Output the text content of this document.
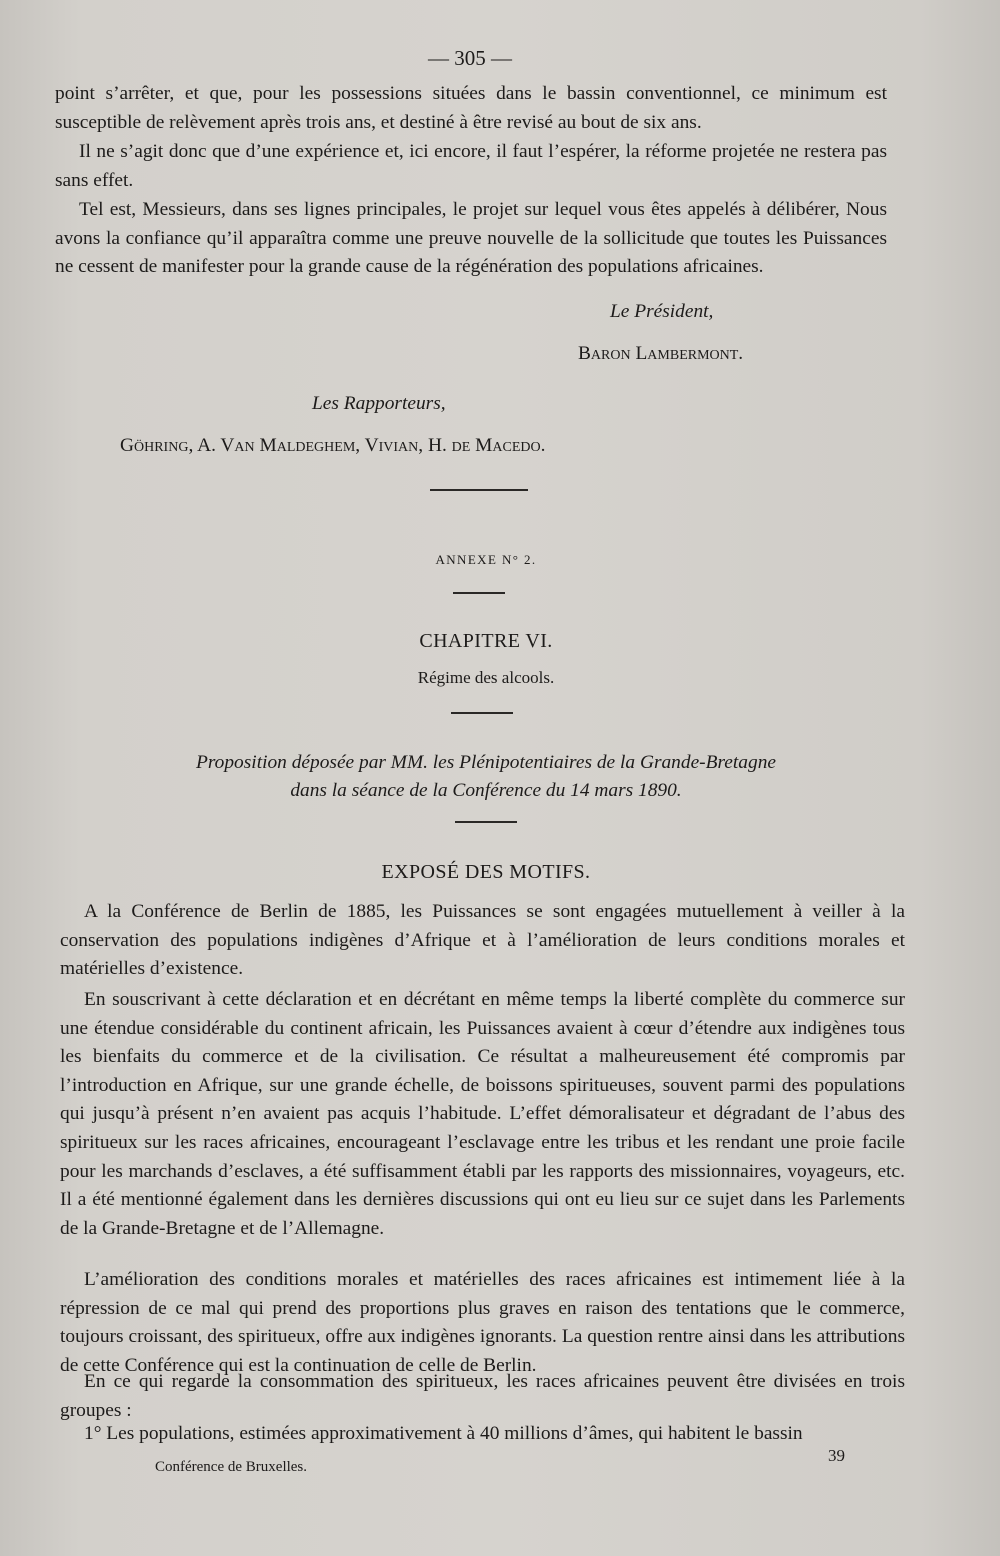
— 305 —

point s’arrêter, et que, pour les possessions situées dans le bassin conventionnel, ce minimum est susceptible de relèvement après trois ans, et destiné à être revisé au bout de six ans.

Il ne s’agit donc que d’une expérience et, ici encore, il faut l’espérer, la réforme projetée ne restera pas sans effet.

Tel est, Messieurs, dans ses lignes principales, le projet sur lequel vous êtes appelés à délibérer, Nous avons la confiance qu’il apparaîtra comme une preuve nouvelle de la sollicitude que toutes les Puissances ne cessent de manifester pour la grande cause de la régénération des populations africaines.

Le Président,
Baron Lambermont.
Les Rapporteurs,
Göhring, A. Van Maldeghem, Vivian, H. de Macedo.
ANNEXE N° 2.
CHAPITRE VI.
Régime des alcools.
Proposition déposée par MM. les Plénipotentiaires de la Grande-Bretagne
dans la séance de la Conférence du 14 mars 1890.
EXPOSÉ DES MOTIFS.

A la Conférence de Berlin de 1885, les Puissances se sont engagées mutuellement à veiller à la conservation des populations indigènes d’Afrique et à l’amélioration de leurs conditions morales et matérielles d’existence.

En souscrivant à cette déclaration et en décrétant en même temps la liberté complète du commerce sur une étendue considérable du continent africain, les Puissances avaient à cœur d’étendre aux indigènes tous les bienfaits du commerce et de la civilisation. Ce résultat a malheureusement été compromis par l’introduction en Afrique, sur une grande échelle, de boissons spiritueuses, souvent parmi des populations qui jusqu’à présent n’en avaient pas acquis l’habitude. L’effet démoralisateur et dégradant de l’abus des spiritueux sur les races africaines, encourageant l’esclavage entre les tribus et les rendant une proie facile pour les marchands d’esclaves, a été suffisamment établi par les rapports des missionnaires, voyageurs, etc. Il a été mentionné également dans les dernières discussions qui ont eu lieu sur ce sujet dans les Parlements de la Grande-Bretagne et de l’Allemagne.

L’amélioration des conditions morales et matérielles des races africaines est intimement liée à la répression de ce mal qui prend des proportions plus graves en raison des tentations que le commerce, toujours croissant, des spiritueux, offre aux indigènes ignorants. La question rentre ainsi dans les attributions de cette Conférence qui est la continuation de celle de Berlin.

En ce qui regarde la consommation des spiritueux, les races africaines peuvent être divisées en trois groupes :

1° Les populations, estimées approximativement à 40 millions d’âmes, qui habitent le bassin

Conférence de Bruxelles.
39
